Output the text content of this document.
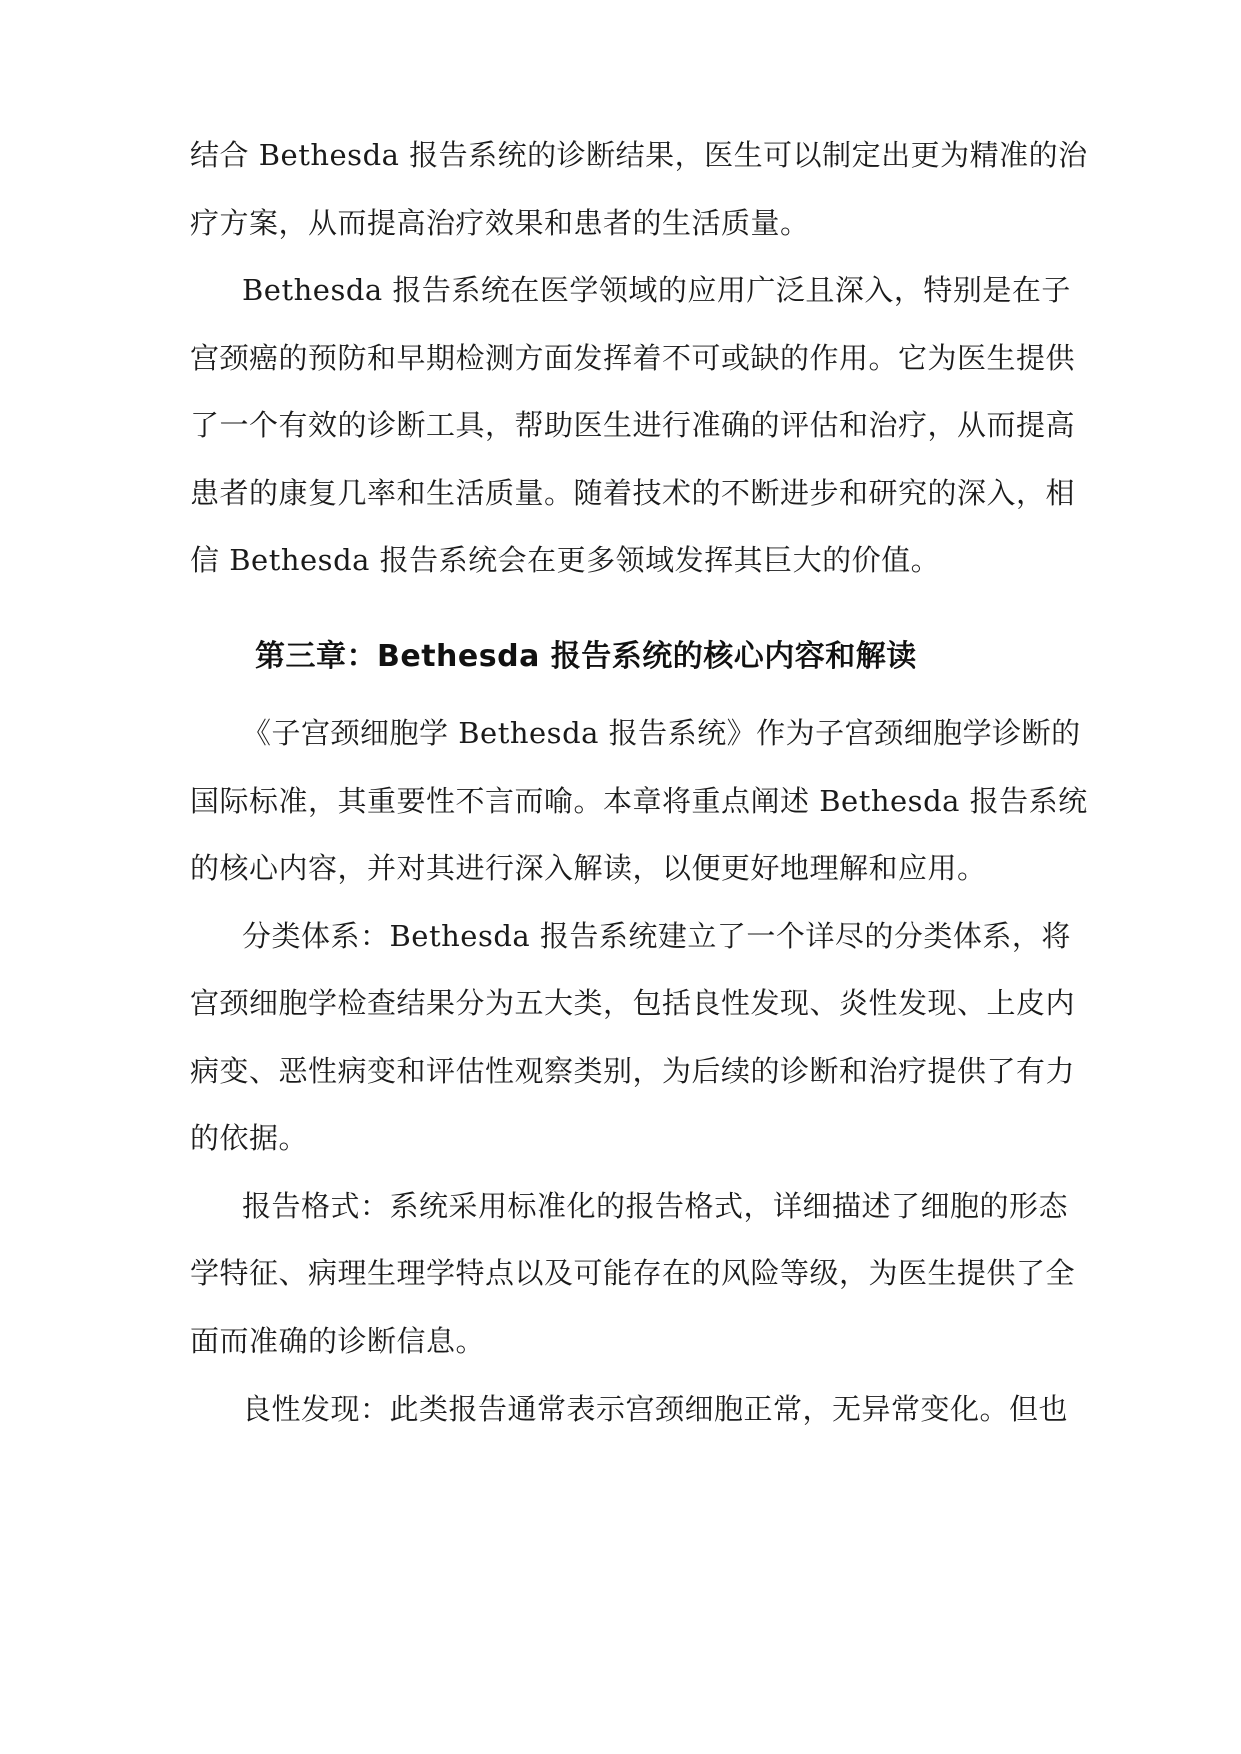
结合 Bethesda 报告系统的诊断结果，医生可以制定出更为精准的治
疗方案，从而提高治疗效果和患者的生活质量。
Bethesda 报告系统在医学领域的应用广泛且深入，特别是在子
宫颈癌的预防和早期检测方面发挥着不可或缺的作用。它为医生提供
了一个有效的诊断工具，帮助医生进行准确的评估和治疗，从而提高
患者的康复几率和生活质量。随着技术的不断进步和研究的深入，相
信 Bethesda 报告系统会在更多领域发挥其巨大的价值。
第三章：Bethesda 报告系统的核心内容和解读
《子宫颈细胞学 Bethesda 报告系统》作为子宫颈细胞学诊断的
国际标准，其重要性不言而喻。本章将重点阐述 Bethesda 报告系统
的核心内容，并对其进行深入解读，以便更好地理解和应用。
分类体系：Bethesda 报告系统建立了一个详尽的分类体系，将
宫颈细胞学检查结果分为五大类，包括良性发现、炎性发现、上皮内
病变、恶性病变和评估性观察类别，为后续的诊断和治疗提供了有力
的依据。
报告格式：系统采用标准化的报告格式，详细描述了细胞的形态
学特征、病理生理学特点以及可能存在的风险等级，为医生提供了全
面而准确的诊断信息。
良性发现：此类报告通常表示宫颈细胞正常，无异常变化。但也
